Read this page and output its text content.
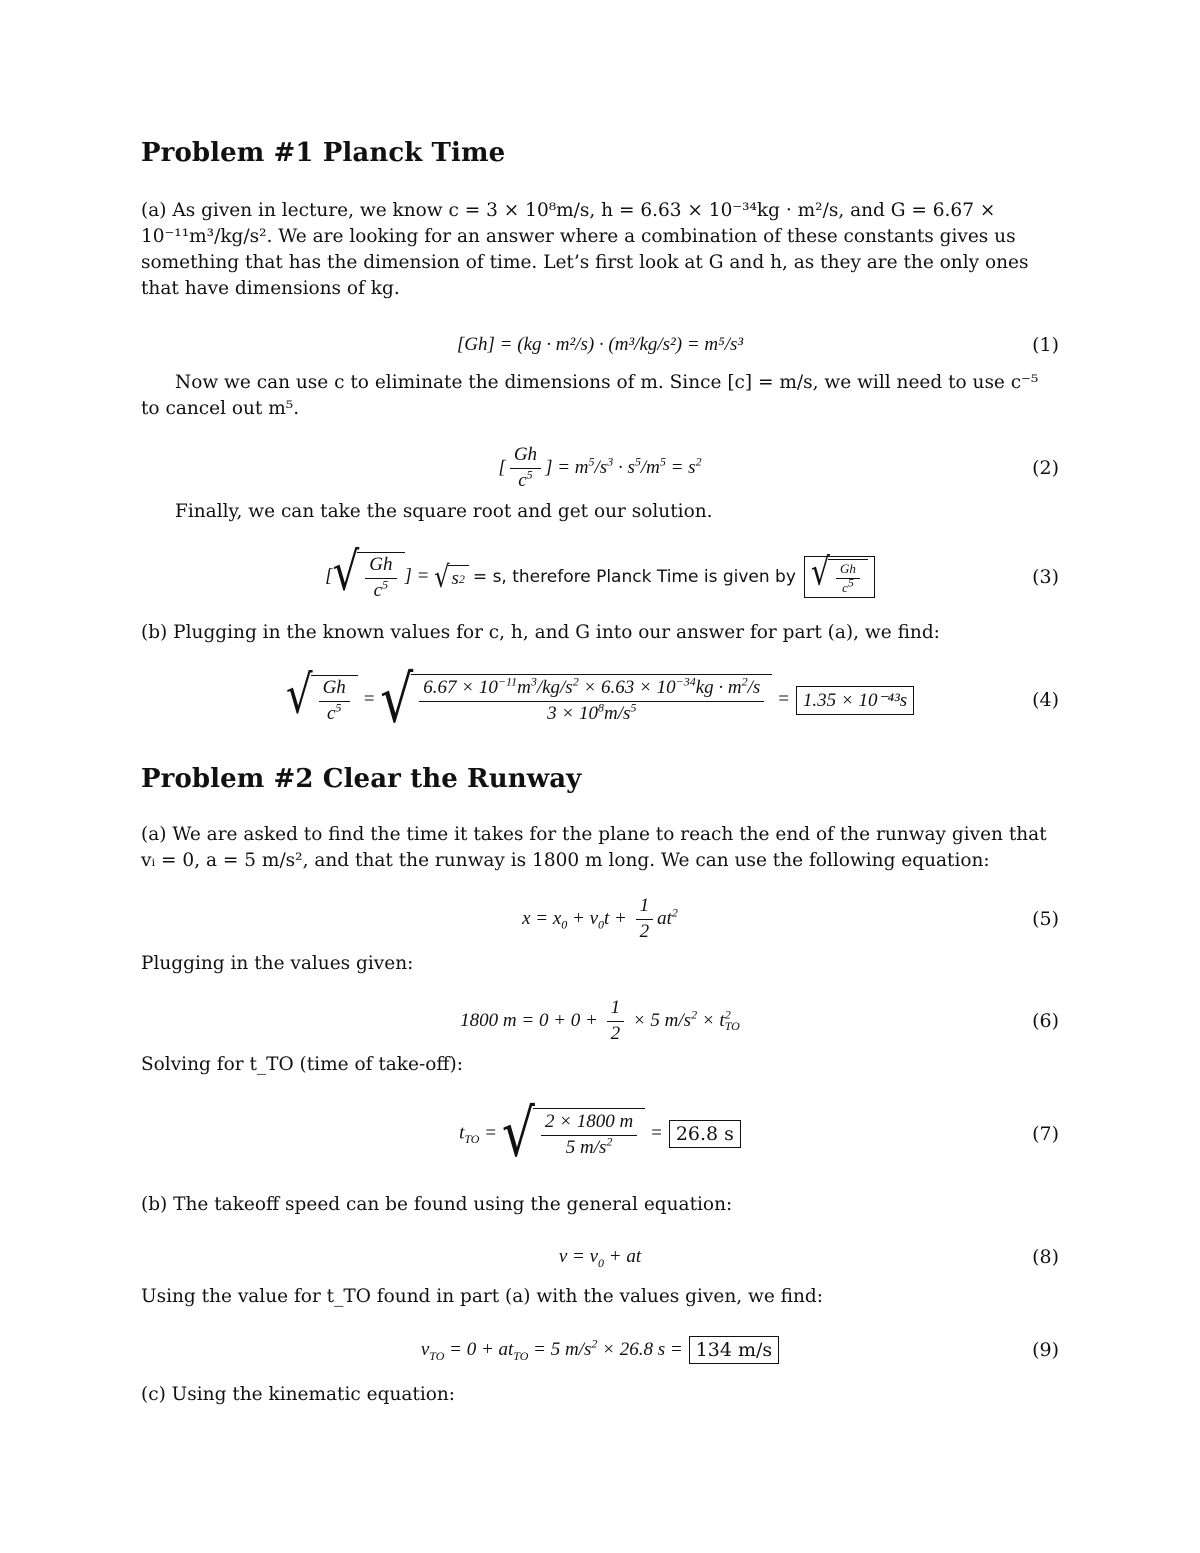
Problem #1 Planck Time

(a) As given in lecture, we know c = 3 × 10⁸m/s, h = 6.63 × 10⁻³⁴kg · m²/s, and G = 6.67 × 10⁻¹¹m³/kg/s². We are looking for an answer where a combination of these constants gives us something that has the dimension of time. Let’s first look at G and h, as they are the only ones that have dimensions of kg.

[Gh] = (kg · m²/s) · (m³/kg/s²) = m⁵/s³	(1)

Now we can use c to eliminate the dimensions of m. Since [c] = m/s, we will need to use c⁻⁵ to cancel out m⁵.

[ $\frac{Gh}{c^5}$ ] = $m^5/s^3 \cdot s^5/m^5 = s^2$	(2)

Finally, we can take the square root and get our solution.

[ √ $\frac{Gh}{c^5}$ ] = √ s 2 = s, therefore Planck Time is given by √ $\frac{Gh}{c^5}$	(3)

(b) Plugging in the known values for c, h, and G into our answer for part (a), we find:

√ $\frac{Gh}{c^5}$ = √ $\frac{6.67 \times 10^{-11}m^3/kg/s^2 \times 6.63 \times 10^{-34}kg \cdot m^2/s}{3 \times 10^8m/s^5} = 1.35 \times 10^{-43}s$	(4)
Problem #2 Clear the Runway

(a) We are asked to find the time it takes for the plane to reach the end of the runway given that vᵢ = 0, a = 5 m/s², and that the runway is 1800 m long. We can use the following equation:

$x = x_0 + v_0t + \frac{1}{2} at^2$	(5)

Plugging in the values given:

1800 $m = 0 + 0 + \frac{1}{2} \times 5$ $m/s^2 \times t^2_{TO}$	(6)

Solving for t_TO (time of take-off):

$t_{TO}$ = √ $\frac{2 \times 1800 m}{5 m/s^2} = 26.8$ s	(7)

(b) The takeoff speed can be found using the general equation:

$v = v_0$ + at	(8)

Using the value for t_TO found in part (a) with the values given, we find:

$v_{TO} = 0 + at_{TO} = 5$ $m/s^2 \times 26.8$ s = 134 m/s	(9)

(c) Using the kinematic equation:
